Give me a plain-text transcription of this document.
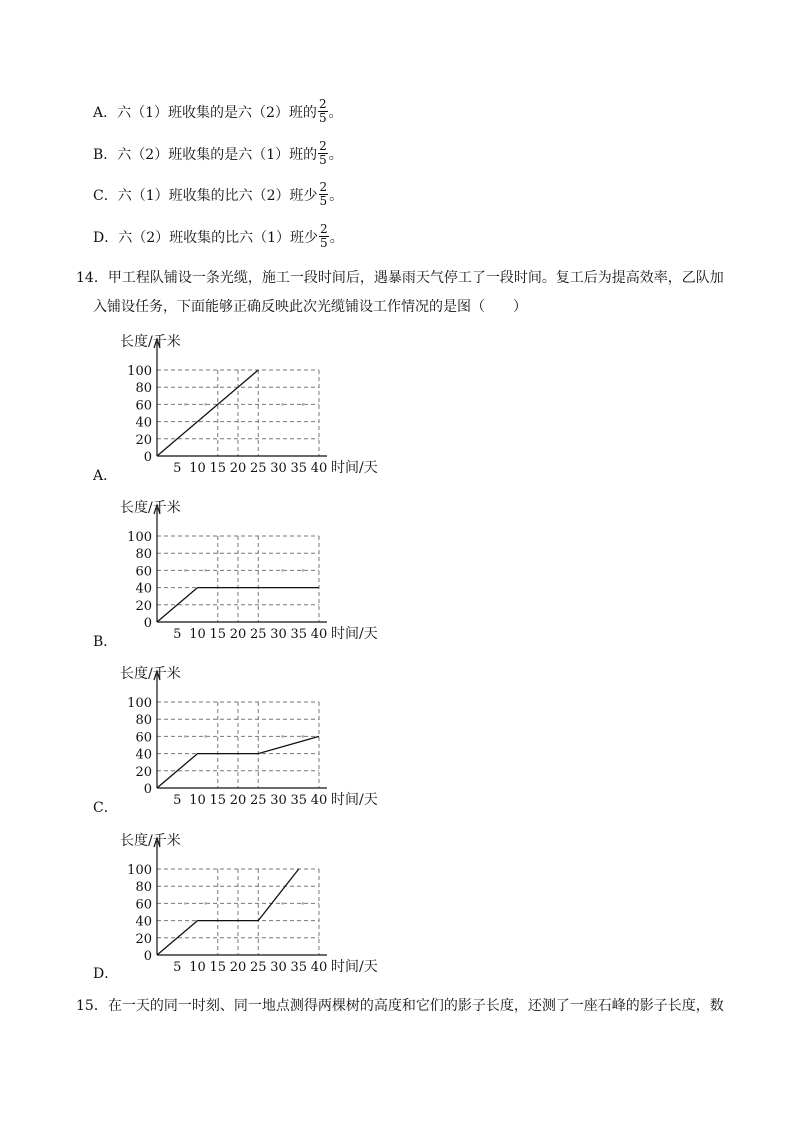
A．六（1）班收集的是六（2）班的 $\frac{2}{5}$ 。
B．六（2）班收集的是六（1）班的 $\frac{2}{5}$ 。
C．六（1）班收集的比六（2）班少 $\frac{2}{5}$ 。
D．六（2）班收集的比六（1）班少 $\frac{2}{5}$ 。
14．甲工程队铺设一条光缆，施工一段时间后，遇暴雨天气停工了一段时间。复工后为提高效率，乙队加
入铺设任务，下面能够正确反映此次光缆铺设工作情况的是图（　　）
长度/千米
0
20
40
60
80
100
5 10 15 20 25 30 35 40 时间/天
A．
长度/千米
0
20
40
60
80
100
5 10 15 20 25 30 35 40 时间/天
B．
长度/千米
0
20
40
60
80
100
5 10 15 20 25 30 35 40 时间/天
C．
长度/千米
0
20
40
60
80
100
5 10 15 20 25 30 35 40 时间/天
D．
15．在一天的同一时刻、同一地点测得两棵树的高度和它们的影子长度，还测了一座石峰的影子长度，数
